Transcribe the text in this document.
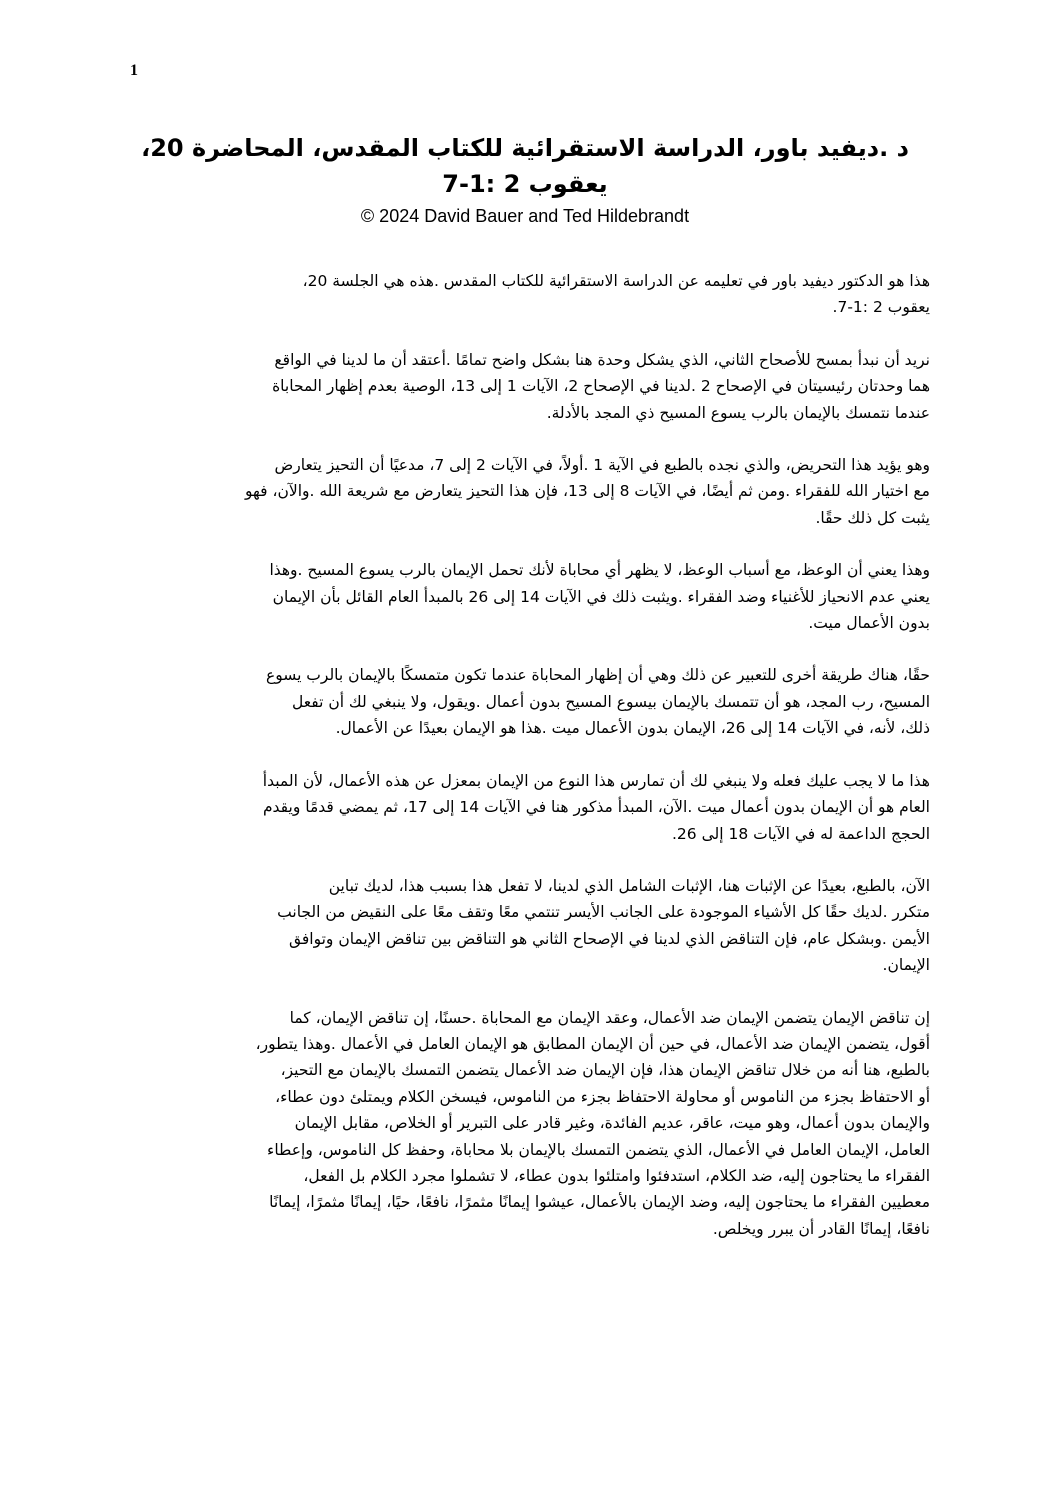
1
د .ديفيد باور، الدراسة الاستقرائية للكتاب المقدس، المحاضرة 20،
يعقوب 2 :1-7
© 2024 David Bauer and Ted Hildebrandt

هذا هو الدكتور ديفيد باور في تعليمه عن الدراسة الاستقرائية للكتاب المقدس .هذه هي الجلسة 20،
يعقوب 2 :1-7.

نريد أن نبدأ بمسح للأصحاح الثاني، الذي يشكل وحدة هنا بشكل واضح تمامًا .أعتقد أن ما لدينا في الواقع
هما وحدتان رئيسيتان في الإصحاح 2 .لدينا في الإصحاح 2، الآيات 1 إلى 13، الوصية بعدم إظهار المحاباة
عندما نتمسك بالإيمان بالرب يسوع المسيح ذي المجد بالأدلة.

وهو يؤيد هذا التحريض، والذي نجده بالطبع في الآية 1 .أولاً، في الآيات 2 إلى 7، مدعيًا أن التحيز يتعارض
مع اختيار الله للفقراء .ومن ثم أيضًا، في الآيات 8 إلى 13، فإن هذا التحيز يتعارض مع شريعة الله .والآن، فهو
يثبت كل ذلك حقًا.

وهذا يعني أن الوعظ، مع أسباب الوعظ، لا يظهر أي محاباة لأنك تحمل الإيمان بالرب يسوع المسيح .وهذا
يعني عدم الانحياز للأغنياء وضد الفقراء .ويثبت ذلك في الآيات 14 إلى 26 بالمبدأ العام القائل بأن الإيمان
بدون الأعمال ميت.

حقًا، هناك طريقة أخرى للتعبير عن ذلك وهي أن إظهار المحاباة عندما تكون متمسكًا بالإيمان بالرب يسوع
المسيح، رب المجد، هو أن تتمسك بالإيمان بيسوع المسيح بدون أعمال .ويقول، ولا ينبغي لك أن تفعل
ذلك، لأنه، في الآيات 14 إلى 26، الإيمان بدون الأعمال ميت .هذا هو الإيمان بعيدًا عن الأعمال.

هذا ما لا يجب عليك فعله ولا ينبغي لك أن تمارس هذا النوع من الإيمان بمعزل عن هذه الأعمال، لأن المبدأ
العام هو أن الإيمان بدون أعمال ميت .الآن، المبدأ مذكور هنا في الآيات 14 إلى 17، ثم يمضي قدمًا ويقدم
الحجج الداعمة له في الآيات 18 إلى 26.

الآن، بالطبع، بعيدًا عن الإثبات هنا، الإثبات الشامل الذي لدينا، لا تفعل هذا بسبب هذا، لديك تباين
متكرر .لديك حقًا كل الأشياء الموجودة على الجانب الأيسر تنتمي معًا وتقف معًا على النقيض من الجانب
الأيمن .وبشكل عام، فإن التناقض الذي لدينا في الإصحاح الثاني هو التناقض بين تناقض الإيمان وتوافق
الإيمان.

إن تناقض الإيمان يتضمن الإيمان ضد الأعمال، وعقد الإيمان مع المحاباة .حسنًا، إن تناقض الإيمان، كما
أقول، يتضمن الإيمان ضد الأعمال، في حين أن الإيمان المطابق هو الإيمان العامل في الأعمال .وهذا يتطور،
بالطبع، هنا أنه من خلال تناقض الإيمان هذا، فإن الإيمان ضد الأعمال يتضمن التمسك بالإيمان مع التحيز،
أو الاحتفاظ بجزء من الناموس أو محاولة الاحتفاظ بجزء من الناموس، فيسخن الكلام ويمتلئ دون عطاء،
والإيمان بدون أعمال، وهو ميت، عاقر، عديم الفائدة، وغير قادر على التبرير أو الخلاص، مقابل الإيمان
العامل، الإيمان العامل في الأعمال، الذي يتضمن التمسك بالإيمان بلا محاباة، وحفظ كل الناموس، وإعطاء
الفقراء ما يحتاجون إليه، ضد الكلام، استدفئوا وامتلئوا بدون عطاء، لا تشملوا مجرد الكلام بل الفعل،
معطيين الفقراء ما يحتاجون إليه، وضد الإيمان بالأعمال، عيشوا إيمانًا مثمرًا، نافعًا، حيًا، إيمانًا مثمرًا، إيمانًا
نافعًا، إيمانًا القادر أن يبرر ويخلص.
